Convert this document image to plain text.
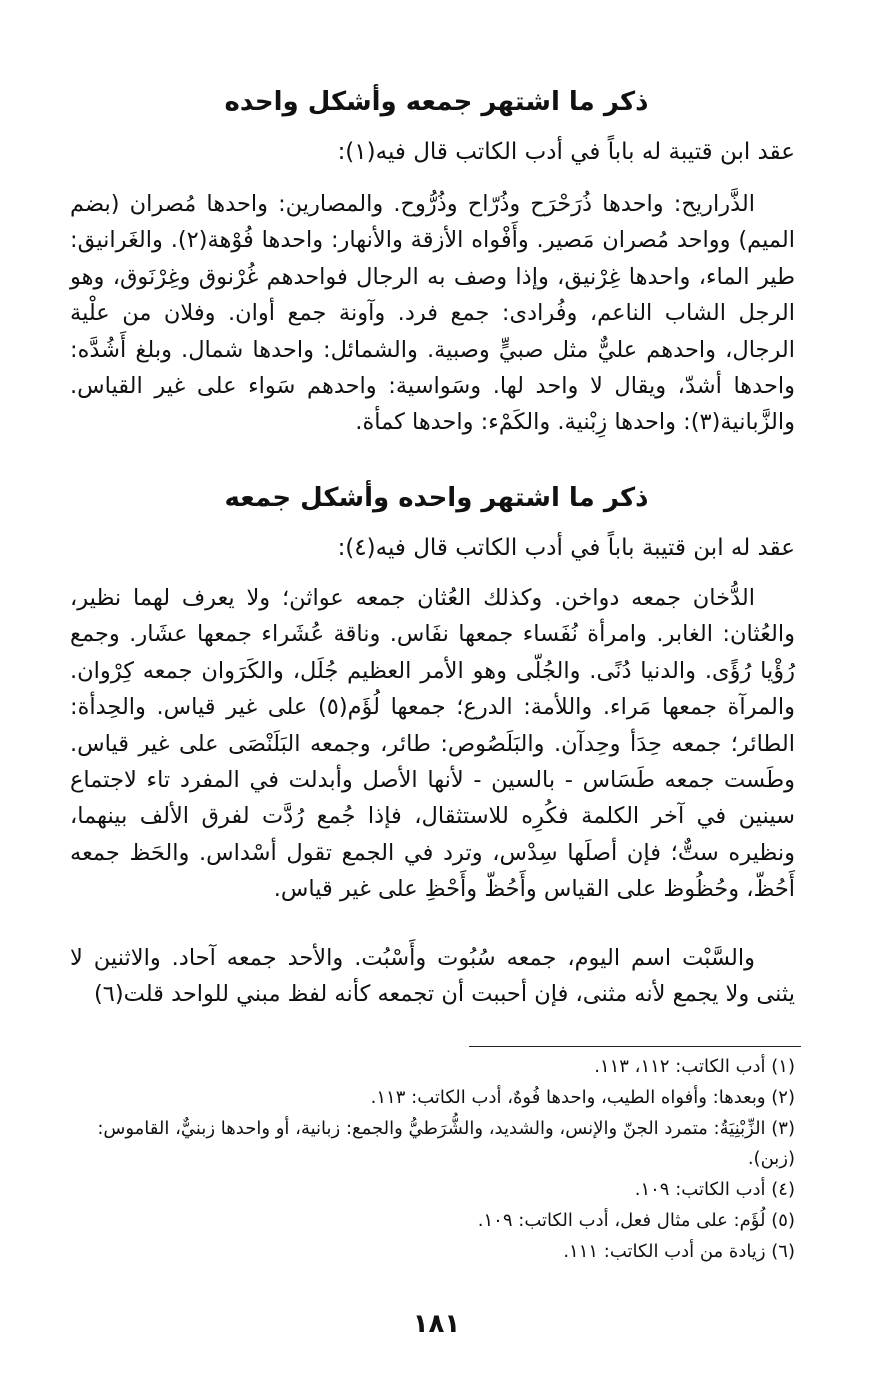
ذكر ما اشتهر جمعه وأشكل واحده
عقد ابن قتيبة له باباً في أدب الكاتب قال فيه(١):
الذَّراريح: واحدها ذُرَحْرَح وذُرّاح وذُرُّوح. والمصارين: واحدها مُصران (بضم الميم) وواحد مُصران مَصير. وأَفْواه الأزقة والأنهار: واحدها فُوْهة(٢). والغَرانيق: طير الماء، واحدها غِرْنيق، وإذا وصف به الرجال فواحدهم غُرْنوق وغِرْنَوق، وهو الرجل الشاب الناعم، وفُرادى: جمع فرد. وآونة جمع أوان. وفلان من علْية الرجال، واحدهم عليٌّ مثل صبيٍّ وصبية. والشمائل: واحدها شمال. وبلغ أَشُدَّه: واحدها أشدّ، ويقال لا واحد لها. وسَواسية: واحدهم سَواء على غير القياس. والزَّبانية(٣): واحدها زِبْنية. والكَمْء: واحدها كمأة.
ذكر ما اشتهر واحده وأشكل جمعه
عقد له ابن قتيبة باباً في أدب الكاتب قال فيه(٤):
الدُّخان جمعه دواخن. وكذلك العُثان جمعه عواثن؛ ولا يعرف لهما نظير، والعُثان: الغابر. وامرأة نُفَساء جمعها نفَاس. وناقة عُشَراء جمعها عشَار. وجمع رُؤْيا رُؤًى. والدنيا دُنًى. والجُلّى وهو الأمر العظيم جُلَل، والكَرَوان جمعه كِرْوان. والمرآة جمعها مَراء. واللأمة: الدرع؛ جمعها لُؤَم(٥) على غير قياس. والحِدأة: الطائر؛ جمعه حِدَأ وحِدآن. والبَلَصُوص: طائر، وجمعه البَلَنْصَى على غير قياس. وطَست جمعه طَسَاس - بالسين - لأنها الأصل وأبدلت في المفرد تاء لاجتماع سينين في آخر الكلمة فكُرِه للاستثقال، فإذا جُمع رُدَّت لفرق الألف بينهما، ونظيره ستٌّ؛ فإن أصلَها سِدْس، وترد في الجمع تقول أسْداس. والحَظ جمعه أَحُظّ، وحُظُوظ على القياس وأَحُظّ وأَحْظِ على غير قياس.
والسَّبْت اسم اليوم، جمعه سُبُوت وأَسْبُت. والأحد جمعه آحاد. والاثنين لا يثنى ولا يجمع لأنه مثنى، فإن أحببت أن تجمعه كأنه لفظ مبني للواحد قلت(٦)
(١) أدب الكاتب: ١١٢، ١١٣.
(٢) وبعدها: وأفواه الطيب، واحدها فُوهٌ، أدب الكاتب: ١١٣.
(٣) الزِّبْنِيَةُ: متمرد الجنّ والإنس، والشديد، والشُّرَطيُّ والجمع: زبانية، أو واحدها زبنيٌّ، القاموس: (زبن).
(٤) أدب الكاتب: ١٠٩.
(٥) لُؤَم: على مثال فعل، أدب الكاتب: ١٠٩.
(٦) زيادة من أدب الكاتب: ١١١.
١٨١
